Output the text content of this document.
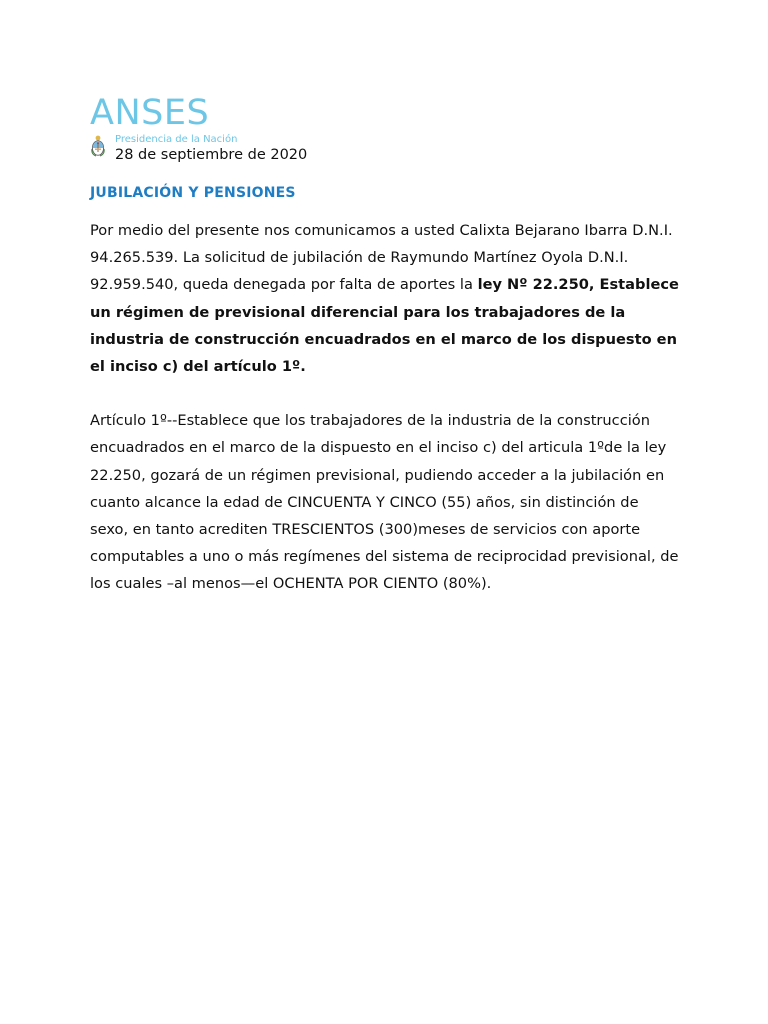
ANSES
Presidencia de la Nación
28 de septiembre de 2020
JUBILACIÓN Y PENSIONES

Por medio del presente nos comunicamos a usted Calixta Bejarano Ibarra D.N.I. 94.265.539. La solicitud de jubilación de Raymundo Martínez Oyola D.N.I. 92.959.540, queda denegada por falta de aportes la ley Nº 22.250, Establece un régimen de previsional diferencial para los trabajadores de la industria de construcción encuadrados en el marco de los dispuesto en el inciso c) del artículo 1º.

Artículo 1º--Establece que los trabajadores de la industria de la construcción encuadrados en el marco de la dispuesto en el inciso c) del articula 1ºde la ley 22.250, gozará de un régimen previsional, pudiendo acceder a la jubilación en cuanto alcance la edad de CINCUENTA Y CINCO (55) años, sin distinción de sexo, en tanto acrediten TRESCIENTOS (300)meses de servicios con aporte computables a uno o más regímenes del sistema de reciprocidad previsional, de los cuales –al menos—el OCHENTA POR CIENTO (80%).
